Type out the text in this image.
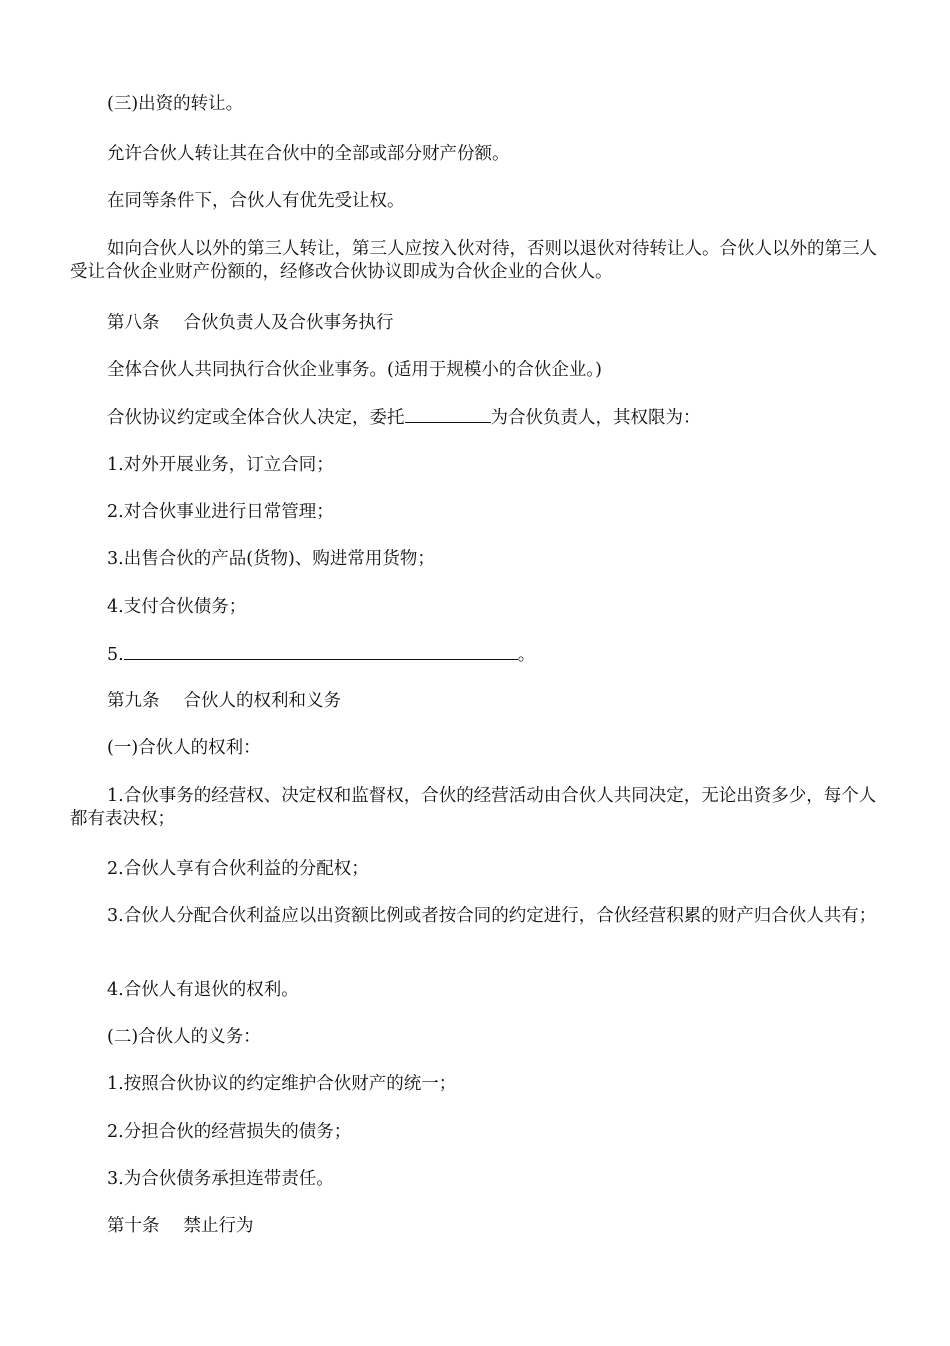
(三)出资的转让。

允许合伙人转让其在合伙中的全部或部分财产份额。

在同等条件下，合伙人有优先受让权。

如向合伙人以外的第三人转让，第三人应按入伙对待，否则以退伙对待转让人。合伙人以外的第三人受让合伙企业财产份额的，经修改合伙协议即成为合伙企业的合伙人。

第八条 合伙负责人及合伙事务执行

全体合伙人共同执行合伙企业事务。(适用于规模小的合伙企业。)

合伙协议约定或全体合伙人决定，委托	为合伙负责人，其权限为：

1.对外开展业务，订立合同；

2.对合伙事业进行日常管理；

3.出售合伙的产品(货物)、购进常用货物；

4.支付合伙债务；

5.	。

第九条 合伙人的权利和义务

(一)合伙人的权利：

1.合伙事务的经营权、决定权和监督权，合伙的经营活动由合伙人共同决定，无论出资多少，每个人都有表决权；

2.合伙人享有合伙利益的分配权；

3.合伙人分配合伙利益应以出资额比例或者按合同的约定进行，合伙经营积累的财产归合伙人共有；

4.合伙人有退伙的权利。

(二)合伙人的义务：

1.按照合伙协议的约定维护合伙财产的统一；

2.分担合伙的经营损失的债务；

3.为合伙债务承担连带责任。

第十条 禁止行为
